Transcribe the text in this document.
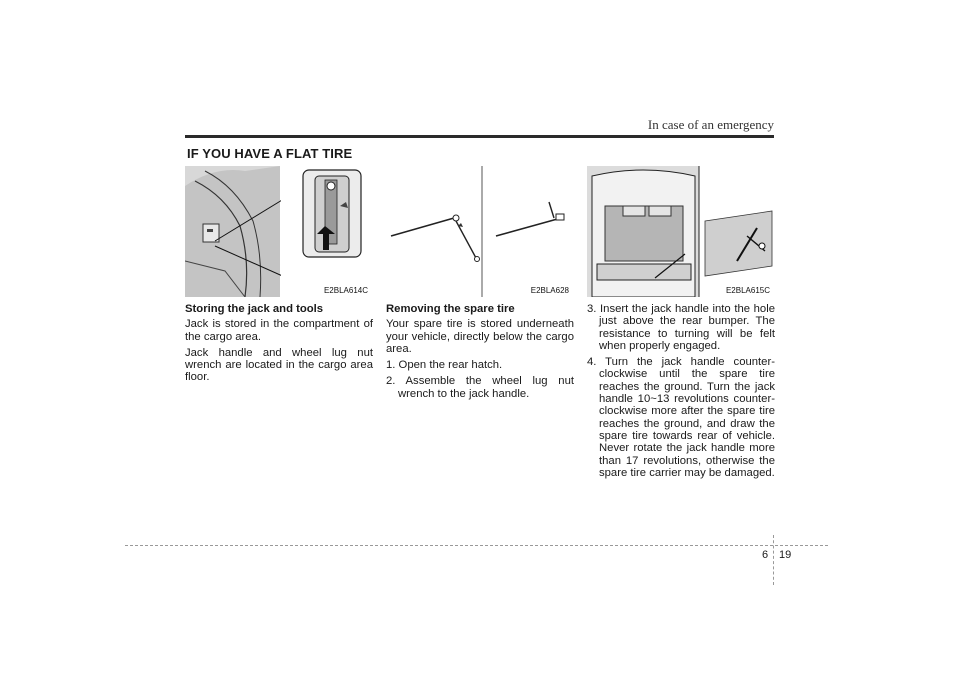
In case of an emergency
IF YOU HAVE A FLAT TIRE
E2BLA614C	E2BLA628	E2BLA615C
Storing the jack and tools

Jack is stored in the compartment of the cargo area.

Jack handle and wheel lug nut wrench are located in the cargo area floor.

Removing the spare tire

Your spare tire is stored underneath your vehicle, directly below the cargo area.

1. Open the rear hatch.
2. Assemble the wheel lug nut wrench to the jack handle.
3. Insert the jack handle into the hole just above the rear bumper. The resistance to turning will be felt when properly engaged.
4. Turn the jack handle counter-clockwise until the spare tire reaches the ground. Turn the jack handle 10~13 revolutions counter-clockwise more after the spare tire reaches the ground, and draw the spare tire towards rear of vehicle. Never rotate the jack handle more than 17 revolutions, otherwise the spare tire carrier may be damaged.
6 19
